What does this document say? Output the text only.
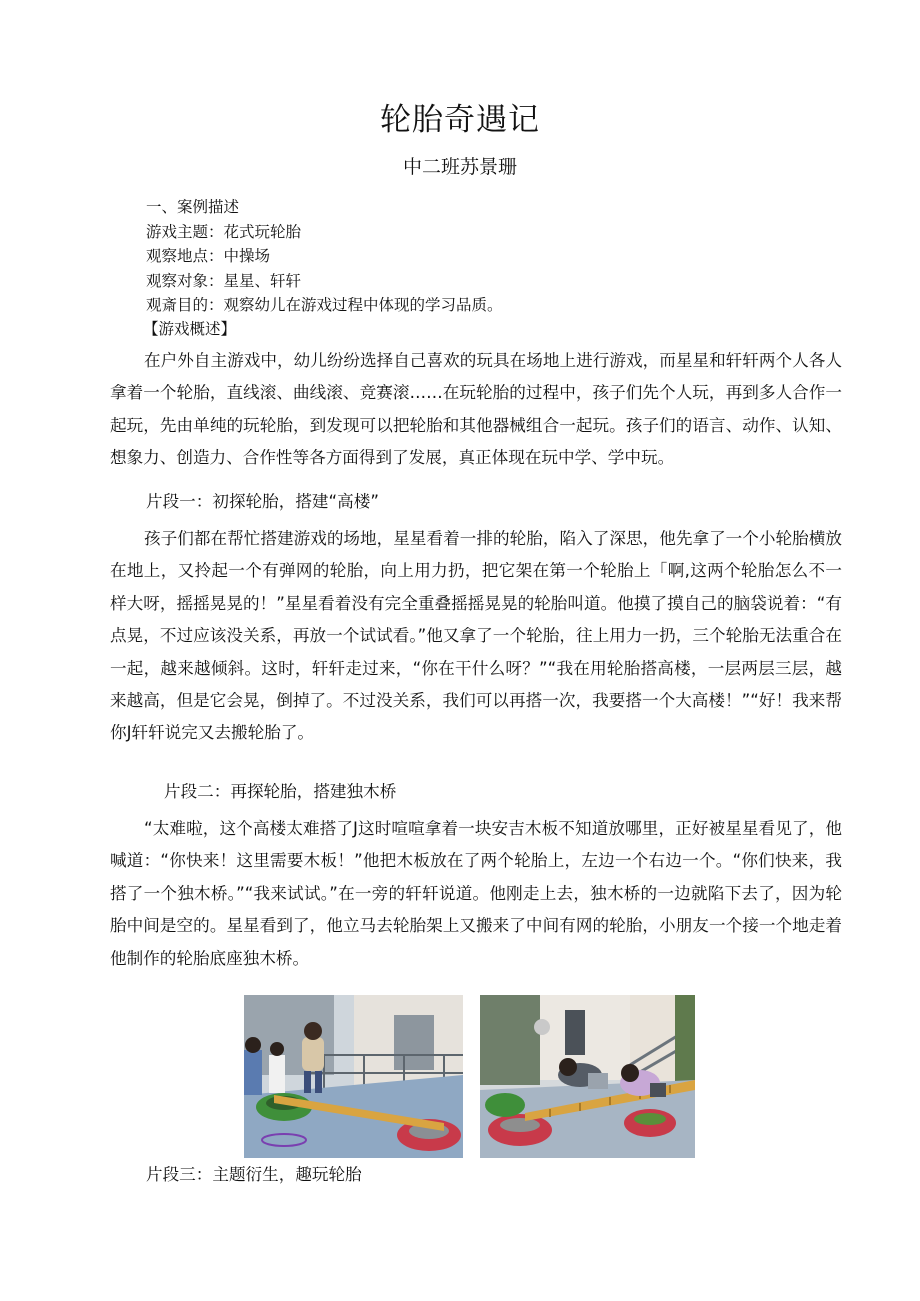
轮胎奇遇记
中二班苏景珊
一、案例描述
游戏主题：花式玩轮胎
观察地点：中操场
观察对象：星星、轩轩
观斎目的：观察幼儿在游戏过程中体现的学习品质。
【游戏概述】

在户外自主游戏中，幼儿纷纷选择自己喜欢的玩具在场地上进行游戏，而星星和轩轩两个人各人拿着一个轮胎，直线滚、曲线滚、竞赛滚……在玩轮胎的过程中，孩子们先个人玩，再到多人合作一起玩，先由单纯的玩轮胎，到发现可以把轮胎和其他器械组合一起玩。孩子们的语言、动作、认知、想象力、创造力、合作性等各方面得到了发展，真正体现在玩中学、学中玩。

片段一：初探轮胎，搭建“高楼”

孩子们都在帮忙搭建游戏的场地，星星看着一排的轮胎，陷入了深思，他先拿了一个小轮胎横放在地上，又拎起一个有弹网的轮胎，向上用力扔，把它架在第一个轮胎上「啊,这两个轮胎怎么不一样大呀，摇摇晃晃的！”星星看着没有完全重叠摇摇晃晃的轮胎叫道。他摸了摸自己的脑袋说着：“有点晃，不过应该没关系，再放一个试试看。”他又拿了一个轮胎，往上用力一扔，三个轮胎无法重合在一起，越来越倾斜。这时，轩轩走过来，“你在干什么呀？”“我在用轮胎搭高楼，一层两层三层，越来越高，但是它会晃，倒掉了。不过没关系，我们可以再搭一次，我要搭一个大高楼！”“好！我来帮你J轩轩说完又去搬轮胎了。

片段二：再探轮胎，搭建独木桥

“太难啦，这个高楼太难搭了J这时喧喧拿着一块安吉木板不知道放哪里，正好被星星看见了，他喊道：“你快来！这里需要木板！”他把木板放在了两个轮胎上，左边一个右边一个。“你们快来，我搭了一个独木桥。”“我来试试。”在一旁的轩轩说道。他刚走上去，独木桥的一边就陷下去了，因为轮胎中间是空的。星星看到了，他立马去轮胎架上又搬来了中间有网的轮胎，小朋友一个接一个地走着他制作的轮胎底座独木桥。

片段三：主题衍生，趣玩轮胎
